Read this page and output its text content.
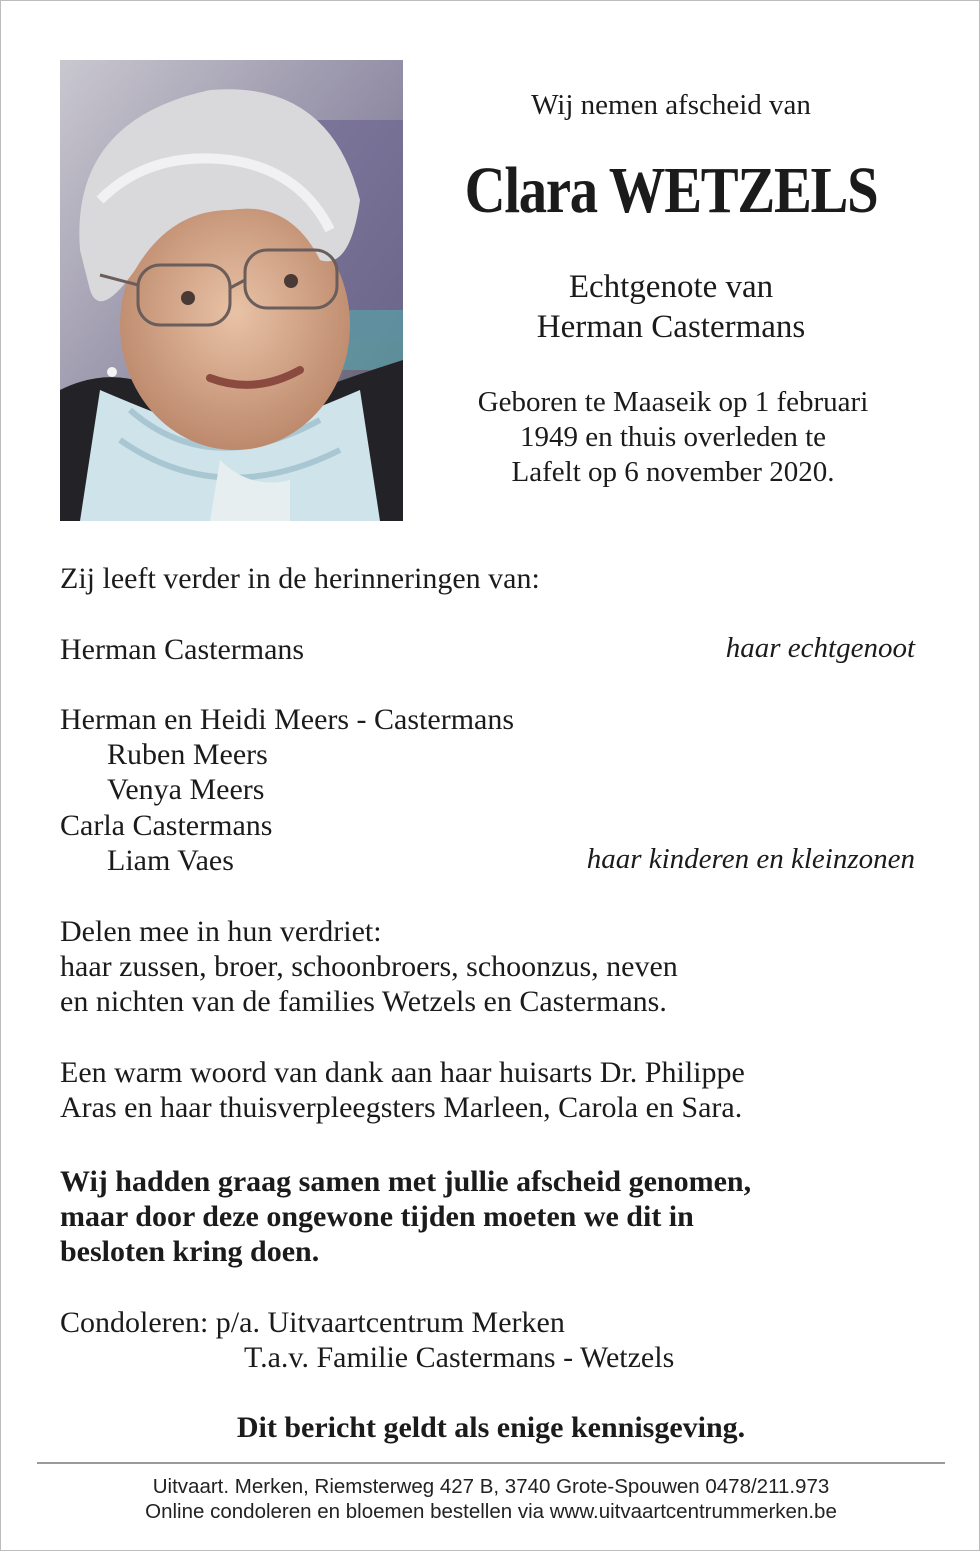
Wij nemen afscheid van
Clara WETZELS
Echtgenote van
Herman Castermans
Geboren te Maaseik op 1 februari
1949 en thuis overleden te
Lafelt op 6 november 2020.
Zij leeft verder in de herinneringen van:
Herman Castermans	haar echtgenoot
Herman en Heidi Meers - Castermans
Ruben Meers
Venya Meers
Carla Castermans
Liam Vaes	haar kinderen en kleinzonen
Delen mee in hun verdriet:
haar zussen, broer, schoonbroers, schoonzus, neven
en nichten van de families Wetzels en Castermans.
Een warm woord van dank aan haar huisarts Dr. Philippe
Aras en haar thuisverpleegsters Marleen, Carola en Sara.
Wij hadden graag samen met jullie afscheid genomen,
maar door deze ongewone tijden moeten we dit in
besloten kring doen.
Condoleren: p/a. Uitvaartcentrum Merken
T.a.v. Familie Castermans - Wetzels
Dit bericht geldt als enige kennisgeving.
Uitvaart. Merken, Riemsterweg 427 B, 3740 Grote-Spouwen 0478/211.973
Online condoleren en bloemen bestellen via www.uitvaartcentrummerken.be
